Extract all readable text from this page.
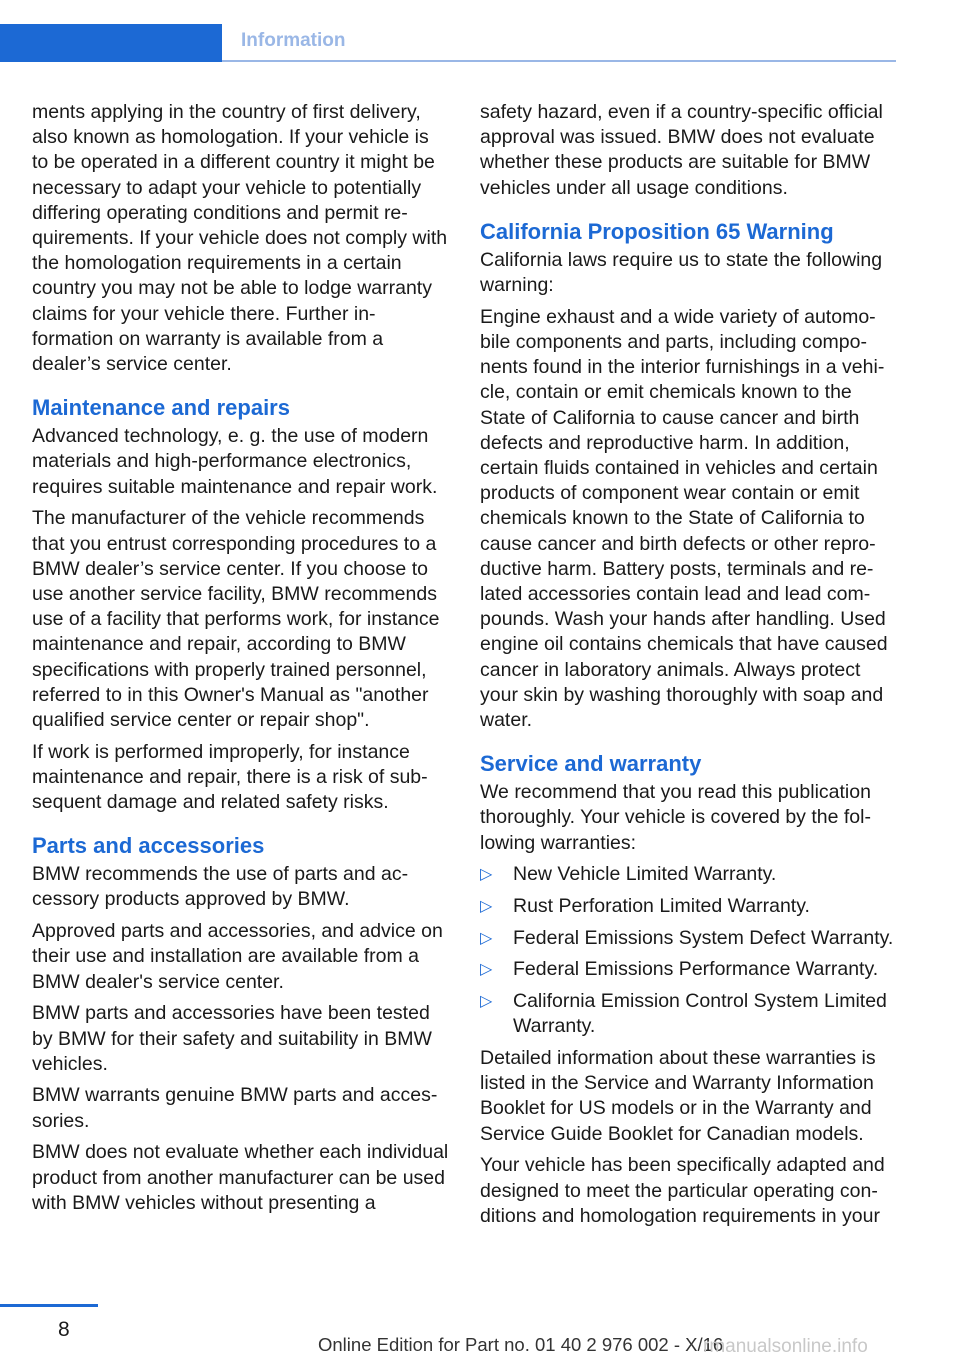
Information

ments applying in the country of first delivery, also known as homologation. If your vehicle is to be operated in a different country it might be necessary to adapt your vehicle to potentially differing operating conditions and permit requirements. If your vehicle does not comply with the homologation requirements in a certain country you may not be able to lodge warranty claims for your vehicle there. Further information on warranty is available from a dealer’s service center.

Maintenance and repairs

Advanced technology, e. g. the use of modern materials and high-performance electronics, requires suitable maintenance and repair work.

The manufacturer of the vehicle recommends that you entrust corresponding procedures to a BMW dealer’s service center. If you choose to use another service facility, BMW recommends use of a facility that performs work, for instance maintenance and repair, according to BMW specifications with properly trained personnel, referred to in this Owner's Manual as "another qualified service center or repair shop".

If work is performed improperly, for instance maintenance and repair, there is a risk of subsequent damage and related safety risks.

Parts and accessories

BMW recommends the use of parts and accessory products approved by BMW.

Approved parts and accessories, and advice on their use and installation are available from a BMW dealer's service center.

BMW parts and accessories have been tested by BMW for their safety and suitability in BMW vehicles.

BMW warrants genuine BMW parts and accessories.

BMW does not evaluate whether each individual product from another manufacturer can be used with BMW vehicles without presenting a

safety hazard, even if a country-specific official approval was issued. BMW does not evaluate whether these products are suitable for BMW vehicles under all usage conditions.

California Proposition 65 Warning

California laws require us to state the following warning:

Engine exhaust and a wide variety of automobile components and parts, including components found in the interior furnishings in a vehicle, contain or emit chemicals known to the State of California to cause cancer and birth defects and reproductive harm. In addition, certain fluids contained in vehicles and certain products of component wear contain or emit chemicals known to the State of California to cause cancer and birth defects or other reproductive harm. Battery posts, terminals and related accessories contain lead and lead compounds. Wash your hands after handling. Used engine oil contains chemicals that have caused cancer in laboratory animals. Always protect your skin by washing thoroughly with soap and water.

Service and warranty

We recommend that you read this publication thoroughly. Your vehicle is covered by the following warranties:

▷ New Vehicle Limited Warranty.
▷ Rust Perforation Limited Warranty.
▷ Federal Emissions System Defect Warranty.
▷ Federal Emissions Performance Warranty.
▷ California Emission Control System Limited Warranty.

Detailed information about these warranties is listed in the Service and Warranty Information Booklet for US models or in the Warranty and Service Guide Booklet for Canadian models.

Your vehicle has been specifically adapted and designed to meet the particular operating conditions and homologation requirements in your

8
Online Edition for Part no. 01 40 2 976 002 - X/16
rmanualsonline.info
